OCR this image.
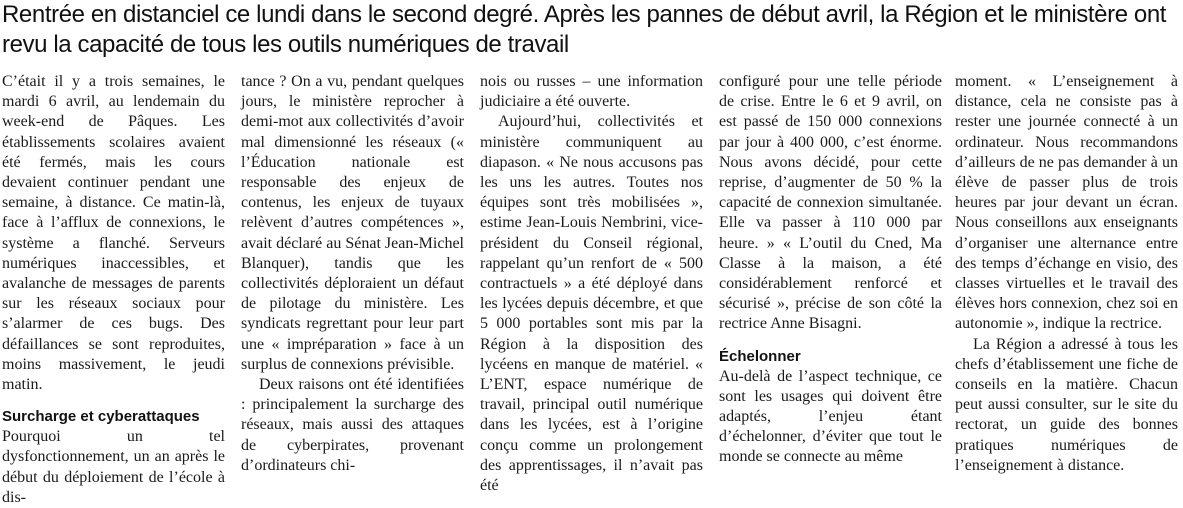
Rentrée en distanciel ce lundi dans le second degré. Après les pannes de début avril, la Région et le ministère ont revu la capacité de tous les outils numériques de travail

C’était il y a trois semaines, le mardi 6 avril, au lendemain du week-end de Pâques. Les établissements scolaires avaient été fermés, mais les cours devaient continuer pendant une semaine, à distance. Ce matin-là, face à l’afflux de connexions, le système a flanché. Serveurs numériques inaccessibles, et avalanche de messages de parents sur les réseaux sociaux pour s’alarmer de ces bugs. Des défaillances se sont reproduites, moins massivement, le jeudi matin.

Surcharge et cyberattaques

Pourquoi un tel dysfonctionnement, un an après le début du déploiement de l’école à dis-

tance ? On a vu, pendant quelques jours, le ministère reprocher à demi-mot aux collectivités d’avoir mal dimensionné les réseaux (« l’Éducation nationale est responsable des enjeux de contenus, les enjeux de tuyaux relèvent d’autres compétences », avait déclaré au Sénat Jean-Michel Blanquer), tandis que les collectivités déploraient un défaut de pilotage du ministère. Les syndicats regrettant pour leur part une « impréparation » face à un surplus de connexions prévisible.

Deux raisons ont été identifiées : principalement la surcharge des réseaux, mais aussi des attaques de cyberpirates, provenant d’ordinateurs chi-

nois ou russes – une information judiciaire a été ouverte.

Aujourd’hui, collectivités et ministère communiquent au diapason. « Ne nous accusons pas les uns les autres. Toutes nos équipes sont très mobilisées », estime Jean-Louis Nembrini, vice-président du Conseil régional, rappelant qu’un renfort de « 500 contractuels » a été déployé dans les lycées depuis décembre, et que 5 000 portables sont mis par la Région à la disposition des lycéens en manque de matériel. « L’ENT, espace numérique de travail, principal outil numérique dans les lycées, est à l’origine conçu comme un prolongement des apprentissages, il n’avait pas été

configuré pour une telle période de crise. Entre le 6 et 9 avril, on est passé de 150 000 connexions par jour à 400 000, c’est énorme. Nous avons décidé, pour cette reprise, d’augmenter de 50 % la capacité de connexion simultanée. Elle va passer à 110 000 par heure. » « L’outil du Cned, Ma Classe à la maison, a été considérablement renforcé et sécurisé », précise de son côté la rectrice Anne Bisagni.

Échelonner

Au-delà de l’aspect technique, ce sont les usages qui doivent être adaptés, l’enjeu étant d’échelonner, d’éviter que tout le monde se connecte au même

moment. « L’enseignement à distance, cela ne consiste pas à rester une journée connecté à un ordinateur. Nous recommandons d’ailleurs de ne pas demander à un élève de passer plus de trois heures par jour devant un écran. Nous conseillons aux enseignants d’organiser une alternance entre des temps d’échange en visio, des classes virtuelles et le travail des élèves hors connexion, chez soi en autonomie », indique la rectrice.

La Région a adressé à tous les chefs d’établissement une fiche de conseils en la matière. Chacun peut aussi consulter, sur le site du rectorat, un guide des bonnes pratiques numériques de l’enseignement à distance.
